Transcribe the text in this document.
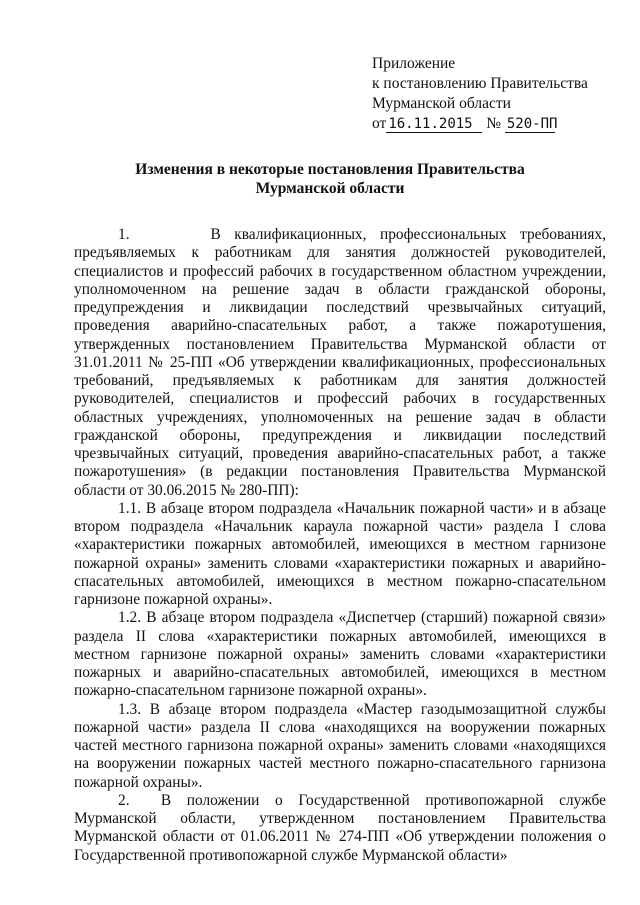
Приложение
к постановлению Правительства
Мурманской области
от 16.11.2015 № 520-ПП
Изменения в некоторые постановления Правительства
Мурманской области

1.      В квалификационных, профессиональных требованиях, предъявляемых к работникам для занятия должностей руководителей, специалистов и профессий рабочих в государственном областном учреждении, уполномоченном на решение задач в области гражданской обороны, предупреждения и ликвидации последствий чрезвычайных ситуаций, проведения аварийно-спасательных работ, а также пожаротушения, утвержденных постановлением Правительства Мурманской области от 31.01.2011 № 25-ПП «Об утверждении квалификационных, профессиональных требований, предъявляемых к работникам для занятия должностей руководителей, специалистов и профессий рабочих в государственных областных учреждениях, уполномоченных на решение задач в области гражданской обороны, предупреждения и ликвидации последствий чрезвычайных ситуаций, проведения аварийно-спасательных работ, а также пожаротушения» (в редакции постановления Правительства Мурманской области от 30.06.2015 № 280-ПП):

1.1. В абзаце втором подраздела «Начальник пожарной части» и в абзаце втором подраздела «Начальник караула пожарной части» раздела I слова «характеристики пожарных автомобилей, имеющихся в местном гарнизоне пожарной охраны» заменить словами «характеристики пожарных и аварийно-спасательных автомобилей, имеющихся в местном пожарно-спасательном гарнизоне пожарной охраны».

1.2. В абзаце втором подраздела «Диспетчер (старший) пожарной связи» раздела II слова «характеристики пожарных автомобилей, имеющихся в местном гарнизоне пожарной охраны» заменить словами «характеристики пожарных и аварийно-спасательных автомобилей, имеющихся в местном пожарно-спасательном гарнизоне пожарной охраны».

1.3. В абзаце втором подраздела «Мастер газодымозащитной службы пожарной части» раздела II слова «находящихся на вооружении пожарных частей местного гарнизона пожарной охраны» заменить словами «находящихся на вооружении пожарных частей местного пожарно-спасательного гарнизона пожарной охраны».

2.  В положении о Государственной противопожарной службе Мурманской области, утвержденном постановлением Правительства Мурманской области от 01.06.2011 № 274-ПП «Об утверждении положения о Государственной противопожарной службе Мурманской области»
